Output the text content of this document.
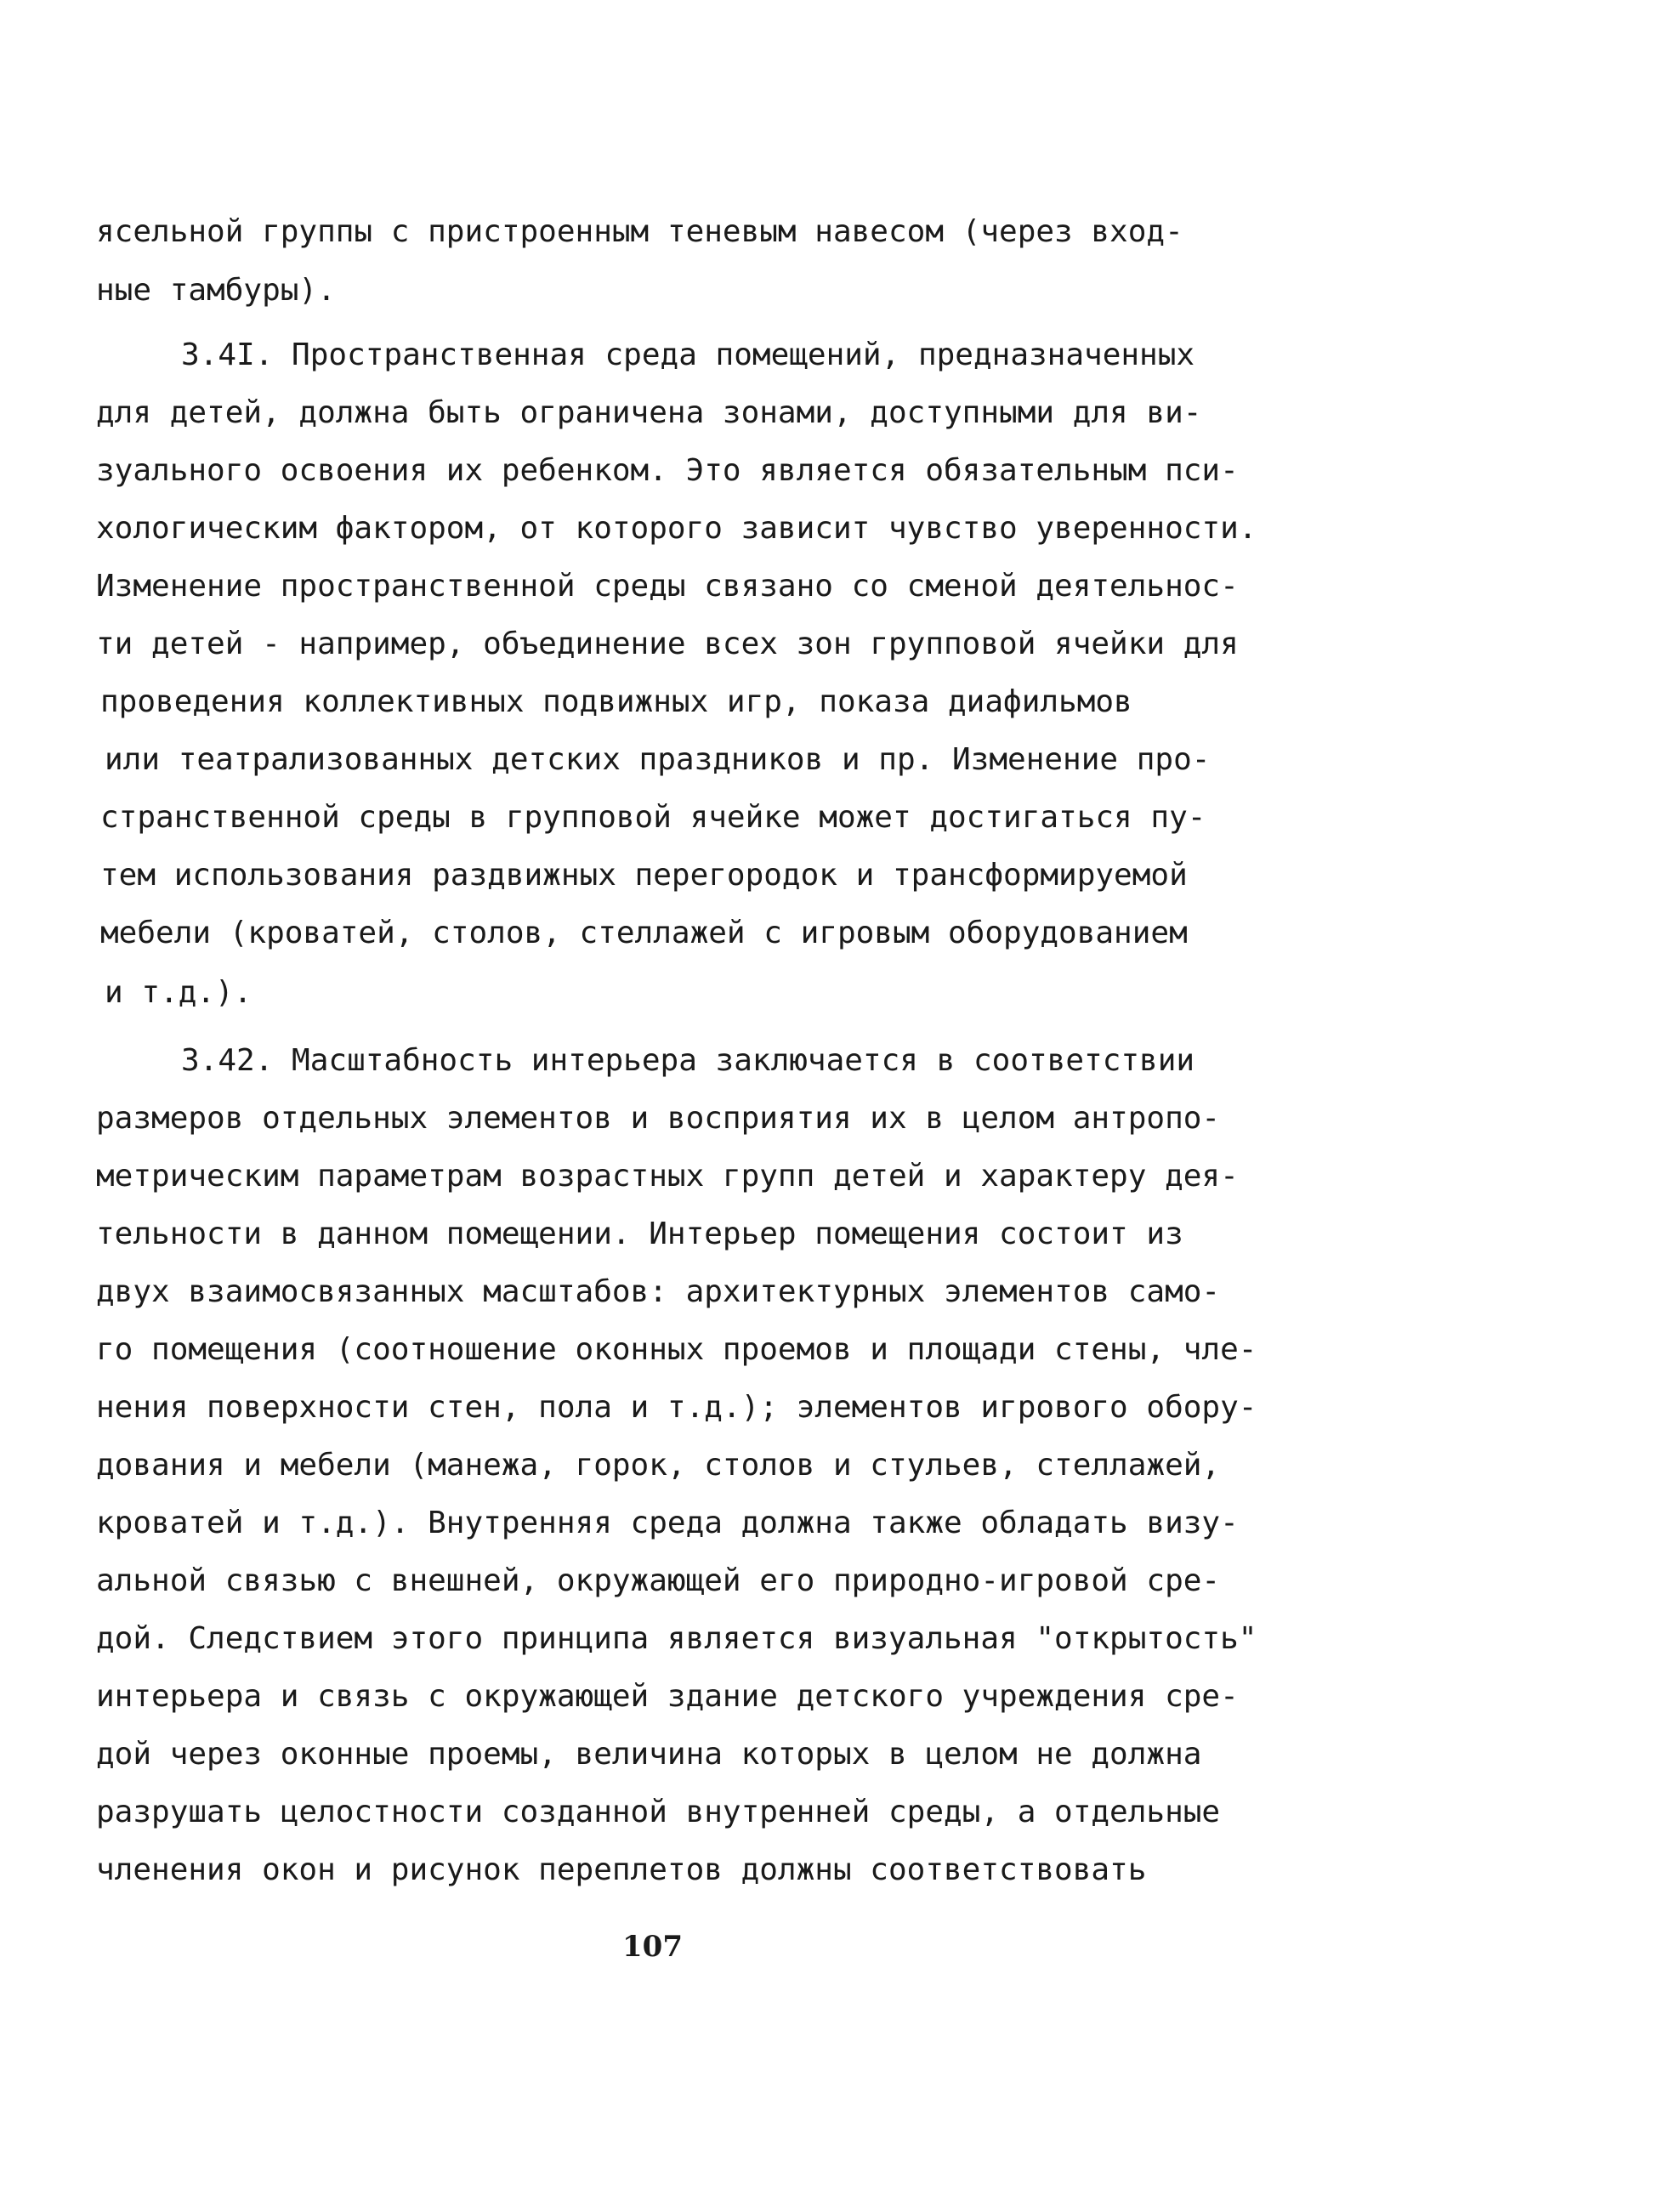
ясельной группы с пристроенным теневым навесом (через вход-
ные тамбуры).
3.4I. Пространственная среда помещений, предназначенных
для детей, должна быть ограничена зонами, доступными для ви-
зуального освоения их ребенком. Это является обязательным пси-
хологическим фактором, от которого зависит чувство уверенности.
Изменение пространственной среды связано со сменой деятельнос-
ти детей - например, объединение всех зон групповой ячейки для
проведения коллективных подвижных игр, показа диафильмов
или театрализованных детских праздников и пр. Изменение про-
странственной среды в групповой ячейке может достигаться пу-
тем использования раздвижных перегородок и трансформируемой
мебели (кроватей, столов, стеллажей с игровым оборудованием
и т.д.).
3.42. Масштабность интерьера заключается в соответствии
размеров отдельных элементов и восприятия их в целом антропо-
метрическим параметрам возрастных групп детей и характеру дея-
тельности в данном помещении. Интерьер помещения состоит из
двух взаимосвязанных масштабов: архитектурных элементов само-
го помещения (соотношение оконных проемов и площади стены, чле-
нения поверхности стен, пола и т.д.); элементов игрового обору-
дования и мебели (манежа, горок, столов и стульев, стеллажей,
кроватей и т.д.). Внутренняя среда должна также обладать визу-
альной связью с внешней, окружающей его природно-игровой сре-
дой. Следствием этого принципа является визуальная "открытость"
интерьера и связь с окружающей здание детского учреждения сре-
дой через оконные проемы, величина которых в целом не должна
разрушать целостности созданной внутренней среды, а отдельные
членения окон и рисунок переплетов должны соответствовать
107
